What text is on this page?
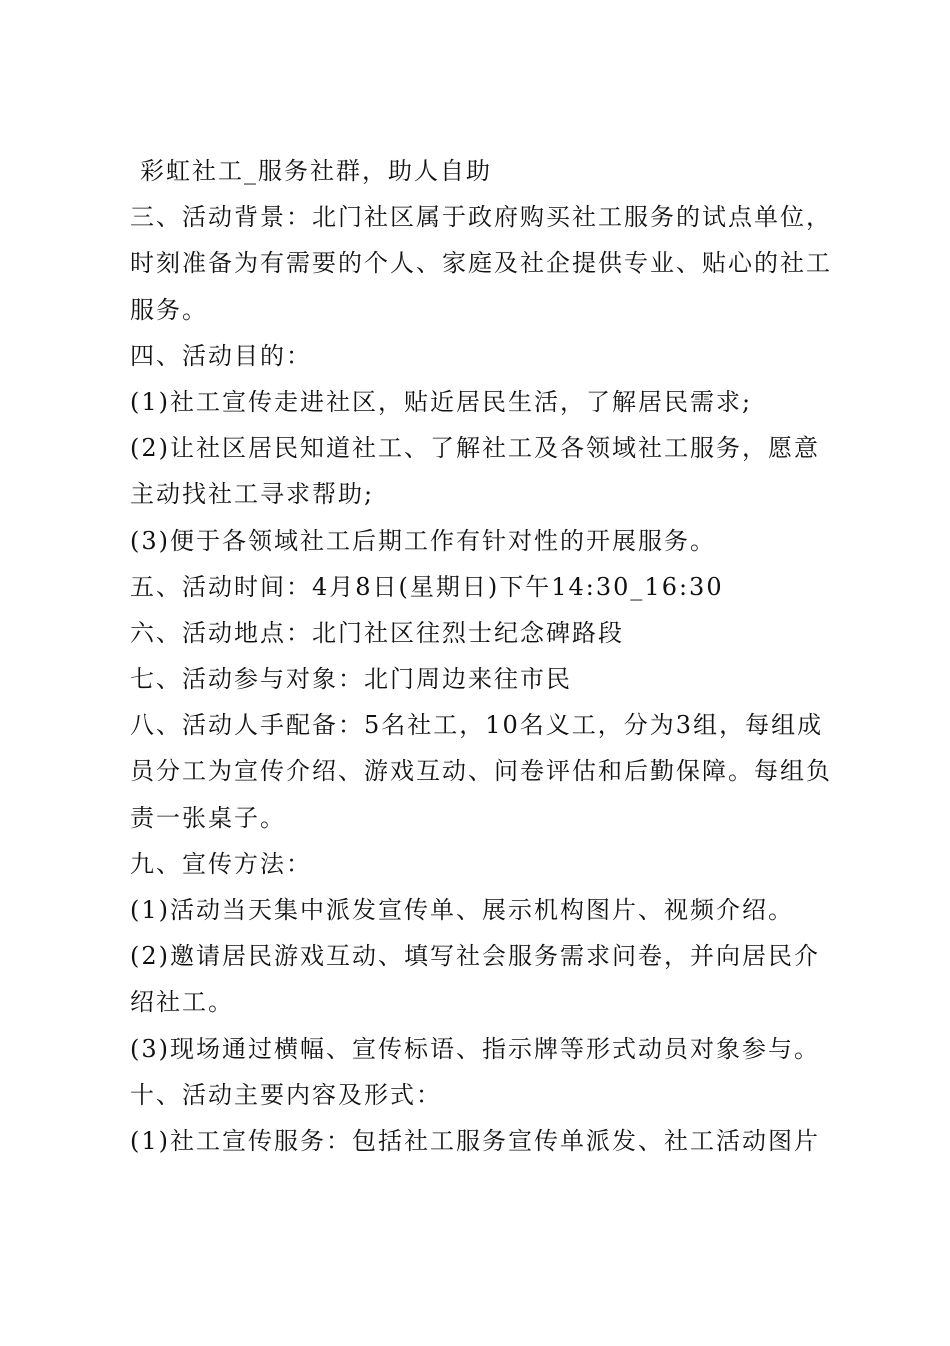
彩虹社工_服务社群，助人自助
三、活动背景：北门社区属于政府购买社工服务的试点单位，
时刻准备为有需要的个人、家庭及社企提供专业、贴心的社工
服务。
四、活动目的：
(1)社工宣传走进社区，贴近居民生活，了解居民需求;
(2)让社区居民知道社工、了解社工及各领域社工服务，愿意
主动找社工寻求帮助;
(3)便于各领域社工后期工作有针对性的开展服务。
五、活动时间：4月8日(星期日)下午14:30_16:30
六、活动地点：北门社区往烈士纪念碑路段
七、活动参与对象：北门周边来往市民
八、活动人手配备：5名社工，10名义工，分为3组，每组成
员分工为宣传介绍、游戏互动、问卷评估和后勤保障。每组负
责一张桌子。
九、宣传方法：
(1)活动当天集中派发宣传单、展示机构图片、视频介绍。
(2)邀请居民游戏互动、填写社会服务需求问卷，并向居民介
绍社工。
(3)现场通过横幅、宣传标语、指示牌等形式动员对象参与。
十、活动主要内容及形式：
(1)社工宣传服务：包括社工服务宣传单派发、社工活动图片
